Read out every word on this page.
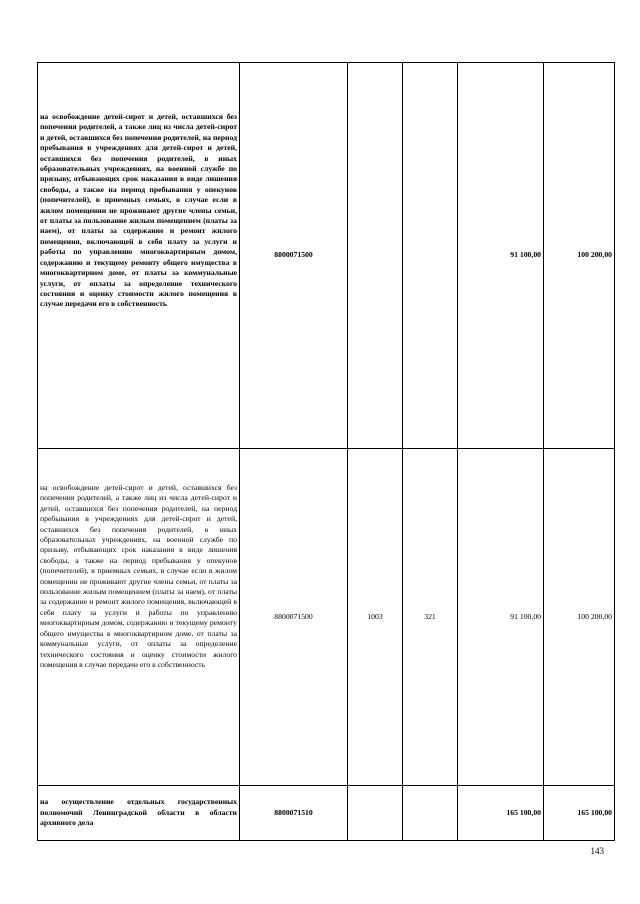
на освобождение детей-сирот и детей, оставшихся без попечения родителей, а также лиц из числа детей-сирот и детей, оставшихся без попечения родителей, на период пребывания в учреждениях для детей-сирот и детей, оставшихся без попечения родителей, в иных образовательных учреждениях, на военной службе по призыву, отбывающих срок наказания в виде лишения свободы, а также на период пребывания у опекунов (попечителей), в приемных семьях, в случае если в жилом помещении не проживают другие члены семьи, от платы за пользование жилым помещением (платы за наем), от платы за содержание и ремонт жилого помещения, включающей в себя плату за услуги и работы по управлению многоквартирным домом, содержанию и текущему ремонту общего имущества в многоквартирном доме, от платы за коммунальные услуги, от оплаты за определение технического состояния и оценку стоимости жилого помещения в случае передачи его в собственность	8800071500			91 100,00	100 200,00

на освобождение детей-сирот и детей, оставшихся без попечения родителей, а также лиц из числа детей-сирот и детей, оставшихся без попечения родителей, на период пребывания в учреждениях для детей-сирот и детей, оставшихся без попечения родителей, в иных образовательных учреждениях, на военной службе по призыву, отбывающих срок наказания в виде лишения свободы, а также на период пребывания у опекунов (попечителей), в приемных семьях, в случае если в жилом помещении не проживают другие члены семьи, от платы за пользование жилым помещением (платы за наем), от платы за содержание и ремонт жилого помещения, включающей в себя плату за услуги и работы по управлению многоквартирным домом, содержанию и текущему ремонту общего имущества в многоквартирном доме, от платы за коммунальные услуги, от оплаты за определение технического состояния и оценку стоимости жилого помещения в случае передачи его в собственность	8800071500	1003	321	91 100,00	100 200,00
на осуществление отдельных государственных полномочий Ленинградской области в области архивного дела	8800071510			165 100,00	165 100,00
143
